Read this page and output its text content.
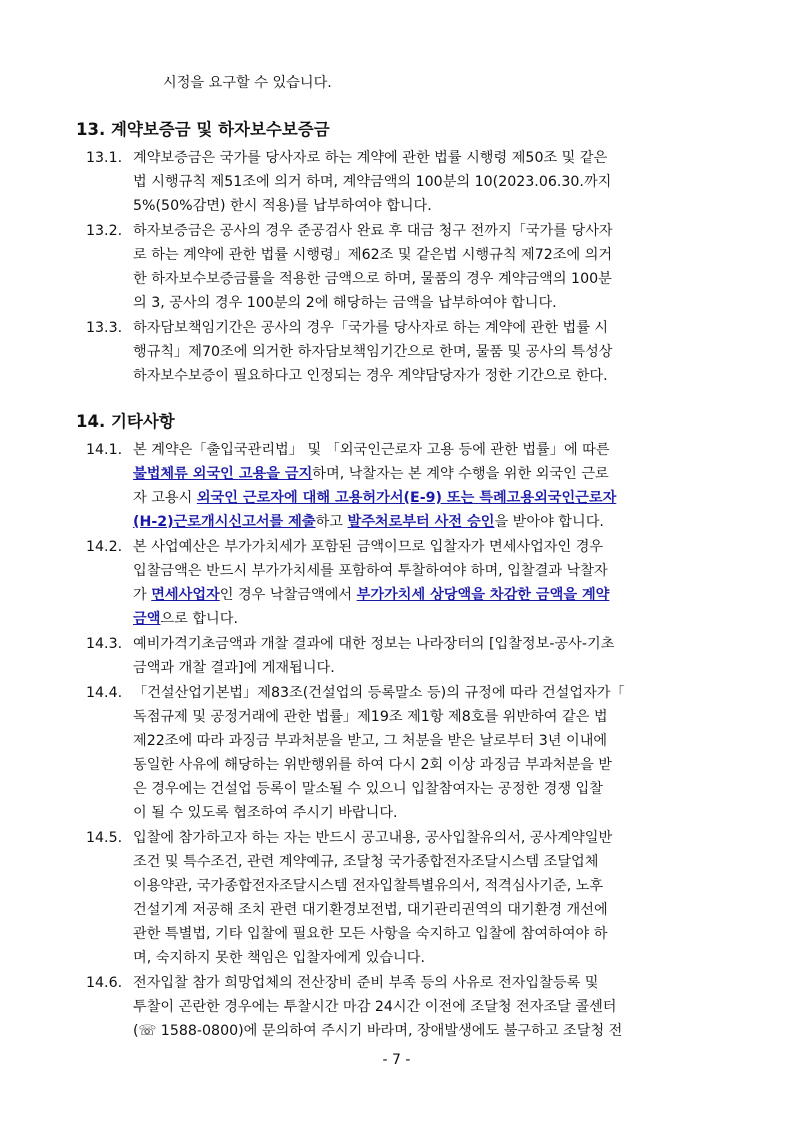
시정을 요구할 수 있습니다.
13. 계약보증금 및 하자보수보증금
13.1. 계약보증금은 국가를 당사자로 하는 계약에 관한 법률 시행령 제50조 및 같은
법 시행규칙 제51조에 의거 하며, 계약금액의 100분의 10(2023.06.30.까지
5%(50%감면) 한시 적용)를 납부하여야 합니다.
13.2. 하자보증금은 공사의 경우 준공검사 완료 후 대금 청구 전까지「국가를 당사자
로 하는 계약에 관한 법률 시행령」제62조 및 같은법 시행규칙 제72조에 의거
한 하자보수보증금률을 적용한 금액으로 하며, 물품의 경우 계약금액의 100분
의 3, 공사의 경우 100분의 2에 해당하는 금액을 납부하여야 합니다.
13.3. 하자담보책임기간은 공사의 경우「국가를 당사자로 하는 계약에 관한 법률 시
행규칙」제70조에 의거한 하자담보책임기간으로 한며, 물품 및 공사의 특성상
하자보수보증이 필요하다고 인정되는 경우 계약담당자가 정한 기간으로 한다.
14. 기타사항
14.1. 본 계약은「출입국관리법」 및 「외국인근로자 고용 등에 관한 법률」에 따른
불법체류 외국인 고용을 금지하며, 낙찰자는 본 계약 수행을 위한 외국인 근로
자 고용시 외국인 근로자에 대해 고용허가서(E-9) 또는 특례고용외국인근로자
(H-2)근로개시신고서를 제출하고 발주처로부터 사전 승인을 받아야 합니다.
14.2. 본 사업예산은 부가가치세가 포함된 금액이므로 입찰자가 면세사업자인 경우
입찰금액은 반드시 부가가치세를 포함하여 투찰하여야 하며, 입찰결과 낙찰자
가 면세사업자인 경우 낙찰금액에서 부가가치세 상당액을 차감한 금액을 계약
금액으로 합니다.
14.3. 예비가격기초금액과 개찰 결과에 대한 정보는 나라장터의 [입찰정보-공사-기초
금액과 개찰 결과]에 게재됩니다.
14.4. 「건설산업기본법」제83조(건설업의 등록말소 등)의 규정에 따라 건설업자가「
독점규제 및 공정거래에 관한 법률」제19조 제1항 제8호를 위반하여 같은 법
제22조에 따라 과징금 부과처분을 받고, 그 처분을 받은 날로부터 3년 이내에
동일한 사유에 해당하는 위반행위를 하여 다시 2회 이상 과징금 부과처분을 받
은 경우에는 건설업 등록이 말소될 수 있으니 입찰참여자는 공정한 경쟁 입찰
이 될 수 있도록 협조하여 주시기 바랍니다.
14.5. 입찰에 참가하고자 하는 자는 반드시 공고내용, 공사입찰유의서, 공사계약일반
조건 및 특수조건, 관련 계약예규, 조달청 국가종합전자조달시스템 조달업체
이용약관, 국가종합전자조달시스템 전자입찰특별유의서, 적격심사기준, 노후
건설기계 저공해 조치 관련 대기환경보전법, 대기관리권역의 대기환경 개선에
관한 특별법, 기타 입찰에 필요한 모든 사항을 숙지하고 입찰에 참여하여야 하
며, 숙지하지 못한 책임은 입찰자에게 있습니다.
14.6. 전자입찰 참가 희망업체의 전산장비 준비 부족 등의 사유로 전자입찰등록 및
투찰이 곤란한 경우에는 투찰시간 마감 24시간 이전에 조달청 전자조달 콜센터
(☏ 1588-0800)에 문의하여 주시기 바라며, 장애발생에도 불구하고 조달청 전
- 7 -
